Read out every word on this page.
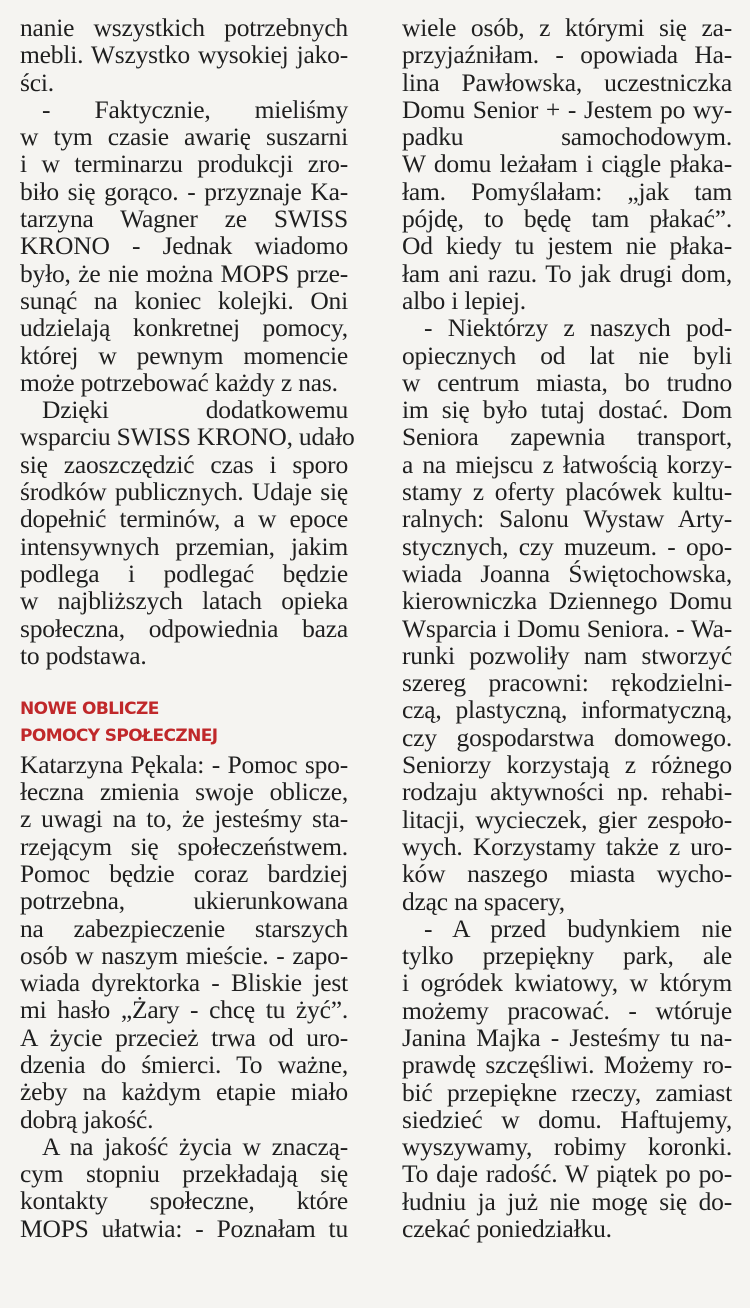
nanie wszystkich potrzebnych
mebli. Wszystko wysokiej jako-
ści.
- Faktycznie, mieliśmy
w tym czasie awarię suszarni
i w terminarzu produkcji zro-
biło się gorąco. - przyznaje Ka-
tarzyna Wagner ze SWISS
KRONO - Jednak wiadomo
było, że nie można MOPS prze-
sunąć na koniec kolejki. Oni
udzielają konkretnej pomocy,
której w pewnym momencie
może potrzebować każdy z nas.
Dzięki dodatkowemu
wsparciu SWISS KRONO, udało
się zaoszczędzić czas i sporo
środków publicznych. Udaje się
dopełnić terminów, a w epoce
intensywnych przemian, jakim
podlega i podlegać będzie
w najbliższych latach opieka
społeczna, odpowiednia baza
to podstawa.
NOWE OBLICZE
POMOCY SPOŁECZNEJ
Katarzyna Pękala: - Pomoc spo-
łeczna zmienia swoje oblicze,
z uwagi na to, że jesteśmy sta-
rzejącym się społeczeństwem.
Pomoc będzie coraz bardziej
potrzebna, ukierunkowana
na zabezpieczenie starszych
osób w naszym mieście. - zapo-
wiada dyrektorka - Bliskie jest
mi hasło „Żary - chcę tu żyć”.
A życie przecież trwa od uro-
dzenia do śmierci. To ważne,
żeby na każdym etapie miało
dobrą jakość.
A na jakość życia w znaczą-
cym stopniu przekładają się
kontakty społeczne, które
MOPS ułatwia: - Poznałam tu
wiele osób, z którymi się za-
przyjaźniłam. - opowiada Ha-
lina Pawłowska, uczestniczka
Domu Senior + - Jestem po wy-
padku samochodowym.
W domu leżałam i ciągle płaka-
łam. Pomyślałam: „jak tam
pójdę, to będę tam płakać”.
Od kiedy tu jestem nie płaka-
łam ani razu. To jak drugi dom,
albo i lepiej.
- Niektórzy z naszych pod-
opiecznych od lat nie byli
w centrum miasta, bo trudno
im się było tutaj dostać. Dom
Seniora zapewnia transport,
a na miejscu z łatwością korzy-
stamy z oferty placówek kultu-
ralnych: Salonu Wystaw Arty-
stycznych, czy muzeum. - opo-
wiada Joanna Świętochowska,
kierowniczka Dziennego Domu
Wsparcia i Domu Seniora. - Wa-
runki pozwoliły nam stworzyć
szereg pracowni: rękodzielni-
czą, plastyczną, informatyczną,
czy gospodarstwa domowego.
Seniorzy korzystają z różnego
rodzaju aktywności np. rehabi-
litacji, wycieczek, gier zespoło-
wych. Korzystamy także z uro-
ków naszego miasta wycho-
dząc na spacery,
- A przed budynkiem nie
tylko przepiękny park, ale
i ogródek kwiatowy, w którym
możemy pracować. - wtóruje
Janina Majka - Jesteśmy tu na-
prawdę szczęśliwi. Możemy ro-
bić przepiękne rzeczy, zamiast
siedzieć w domu. Haftujemy,
wyszywamy, robimy koronki.
To daje radość. W piątek po po-
łudniu ja już nie mogę się do-
czekać poniedziałku.
